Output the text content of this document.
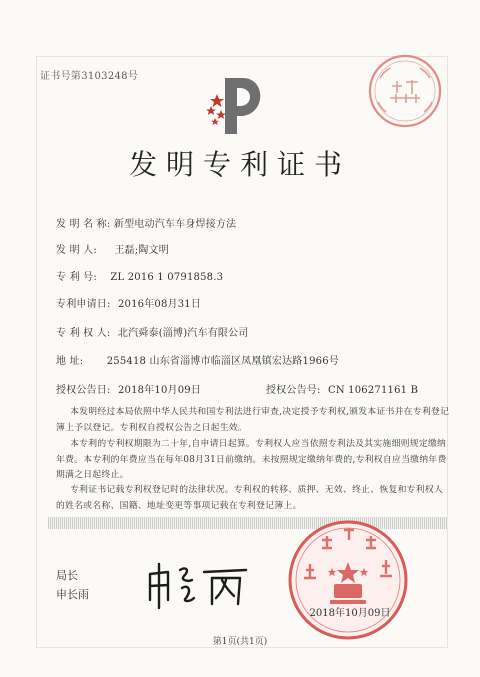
证书号第3103248号
发明专利证书
发 明 名 称: 新型电动汽车车身焊接方法
发 明 人: 王磊;陶文明
专 利 号: ZL 2016 1 0791858.3
专利申请日: 2016年08月31日
专 利 权 人: 北汽舜泰(淄博)汽车有限公司
地 址: 255418 山东省淄博市临淄区凤凰镇宏达路1966号
授权公告日: 2018年10月09日	授权公告号: CN 106271161 B

本发明经过本局依照中华人民共和国专利法进行审查,决定授予专利权,颁发本证书并在专利登记簿上予以登记。专利权自授权公告之日起生效。

本专利的专利权期限为二十年,自申请日起算。专利权人应当依照专利法及其实施细则规定缴纳年费。本专利的年费应当在每年08月31日前缴纳。未按照规定缴纳年费的,专利权自应当缴纳年费期满之日起终止。

专利证书记载专利权登记时的法律状况。专利权的转移、质押、无效、终止、恢复和专利权人的姓名或名称、国籍、地址变更等事项记载在专利登记簿上。

局长
申长雨
2018年10月09日
第1页(共1页)
